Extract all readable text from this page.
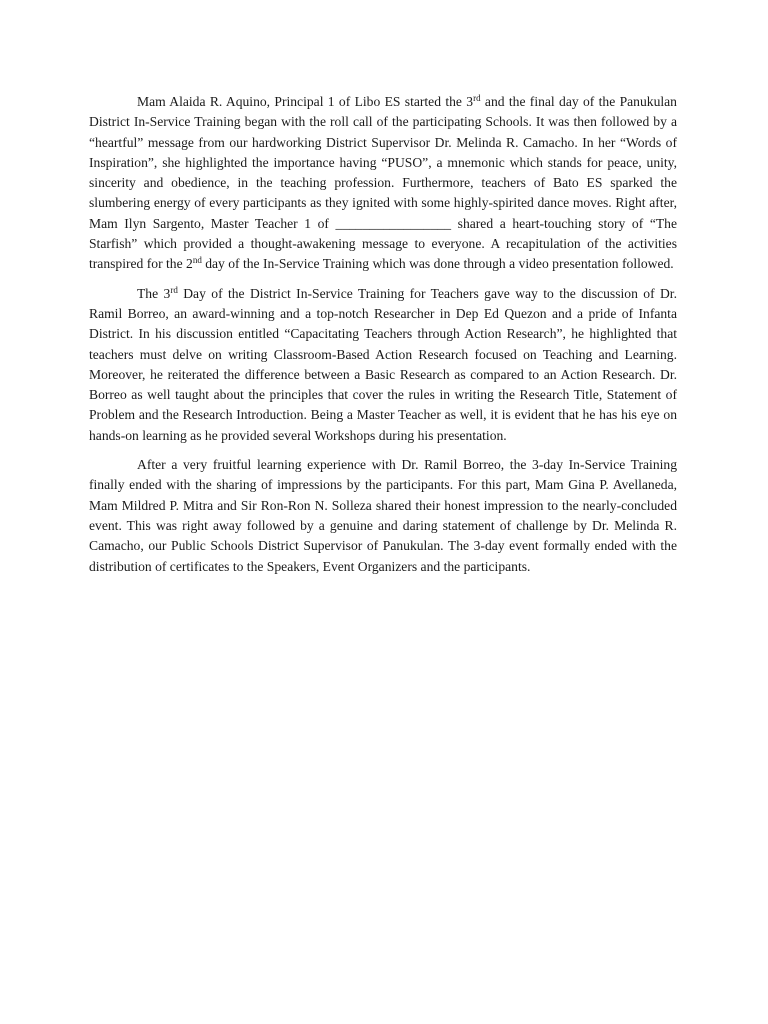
Mam Alaida R. Aquino, Principal 1 of Libo ES started the 3rd and the final day of the Panukulan District In-Service Training began with the roll call of the participating Schools. It was then followed by a “heartful” message from our hardworking District Supervisor Dr. Melinda R. Camacho. In her “Words of Inspiration”, she highlighted the importance having “PUSO”, a mnemonic which stands for peace, unity, sincerity and obedience, in the teaching profession. Furthermore, teachers of Bato ES sparked the slumbering energy of every participants as they ignited with some highly-spirited dance moves. Right after, Mam Ilyn Sargento, Master Teacher 1 of _________________ shared a heart-touching story of “The Starfish” which provided a thought-awakening message to everyone. A recapitulation of the activities transpired for the 2nd day of the In-Service Training which was done through a video presentation followed.

The 3rd Day of the District In-Service Training for Teachers gave way to the discussion of Dr. Ramil Borreo, an award-winning and a top-notch Researcher in Dep Ed Quezon and a pride of Infanta District. In his discussion entitled “Capacitating Teachers through Action Research”, he highlighted that teachers must delve on writing Classroom-Based Action Research focused on Teaching and Learning. Moreover, he reiterated the difference between a Basic Research as compared to an Action Research. Dr. Borreo as well taught about the principles that cover the rules in writing the Research Title, Statement of Problem and the Research Introduction. Being a Master Teacher as well, it is evident that he has his eye on hands-on learning as he provided several Workshops during his presentation.

After a very fruitful learning experience with Dr. Ramil Borreo, the 3-day In-Service Training finally ended with the sharing of impressions by the participants. For this part, Mam Gina P. Avellaneda, Mam Mildred P. Mitra and Sir Ron-Ron N. Solleza shared their honest impression to the nearly-concluded event. This was right away followed by a genuine and daring statement of challenge by Dr. Melinda R. Camacho, our Public Schools District Supervisor of Panukulan. The 3-day event formally ended with the distribution of certificates to the Speakers, Event Organizers and the participants.
